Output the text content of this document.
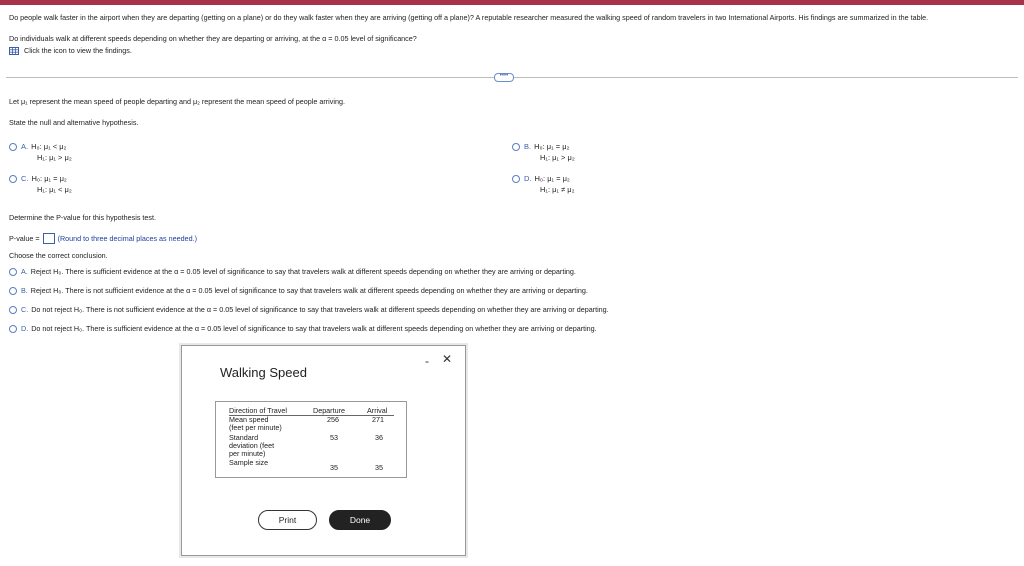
Do people walk faster in the airport when they are departing (getting on a plane) or do they walk faster when they are arriving (getting off a plane)? A reputable researcher measured the walking speed of random travelers in two International Airports. His findings are summarized in the table.
Do individuals walk at different speeds depending on whether they are departing or arriving, at the α = 0.05 level of significance?
Click the icon to view the findings.
••••
Let μ₁ represent the mean speed of people departing and μ₂ represent the mean speed of people arriving.
State the null and alternative hypothesis.
A. H₀: μ₁ < μ₂
H₁: μ₁ > μ₂
B. H₀: μ₁ = μ₂
H₁: μ₁ > μ₂
C. H₀: μ₁ = μ₂
H₁: μ₁ < μ₂
D. H₀: μ₁ = μ₂
H₁: μ₁ ≠ μ₂
Determine the P-value for this hypothesis test.
P-value =	(Round to three decimal places as needed.)
Choose the correct conclusion.
A. Reject H₀. There is sufficient evidence at the α = 0.05 level of significance to say that travelers walk at different speeds depending on whether they are arriving or departing.
B. Reject H₀. There is not sufficient evidence at the α = 0.05 level of significance to say that travelers walk at different speeds depending on whether they are arriving or departing.
C. Do not reject H₀. There is not sufficient evidence at the α = 0.05 level of significance to say that travelers walk at different speeds depending on whether they are arriving or departing.
D. Do not reject H₀. There is sufficient evidence at the α = 0.05 level of significance to say that travelers walk at different speeds depending on whether they are arriving or departing.
Walking Speed
- ✕
Direction of Travel	Departure	Arrival
Mean speed
(feet per minute)
256	271
Standard
deviation (feet
per minute)
53	36
Sample size
35	35
Print	Done
